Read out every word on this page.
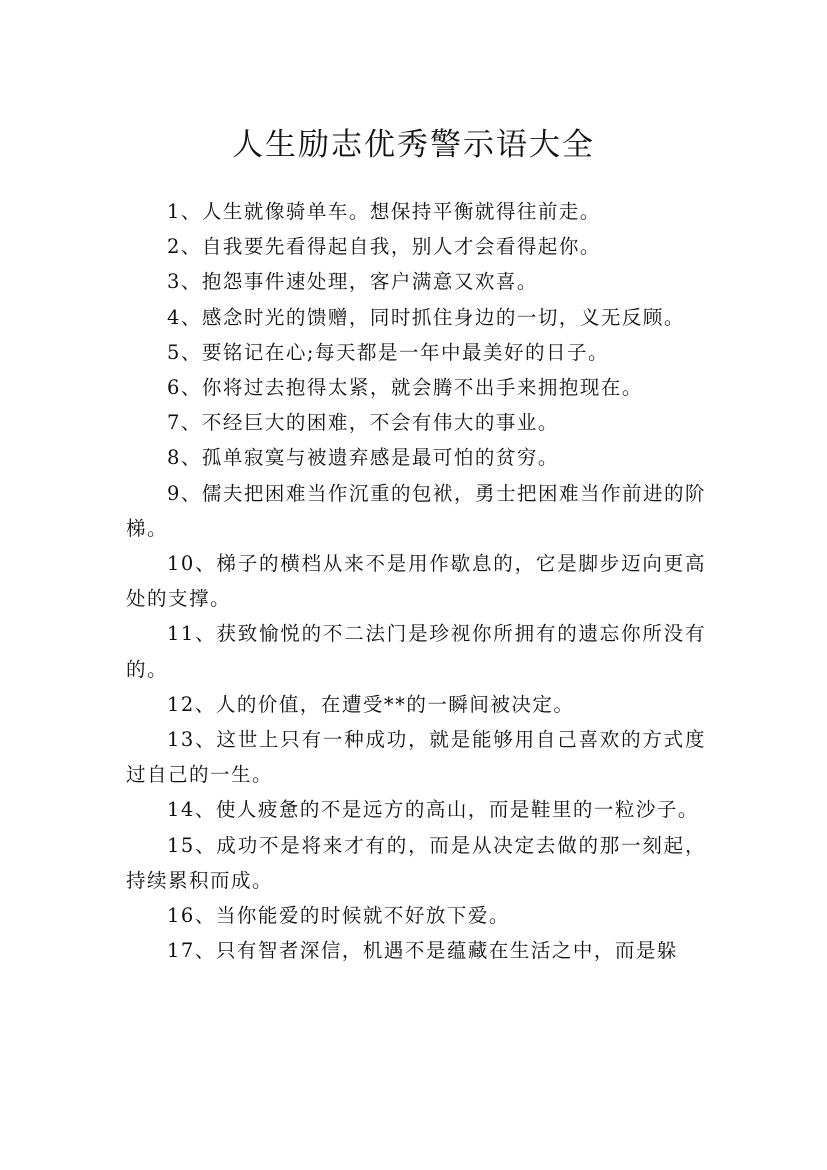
人生励志优秀警示语大全

1、人生就像骑单车。想保持平衡就得往前走。

2、自我要先看得起自我，别人才会看得起你。

3、抱怨事件速处理，客户满意又欢喜。

4、感念时光的馈赠，同时抓住身边的一切，义无反顾。

5、要铭记在心;每天都是一年中最美好的日子。

6、你将过去抱得太紧，就会腾不出手来拥抱现在。

7、不经巨大的困难，不会有伟大的事业。

8、孤单寂寞与被遗弃感是最可怕的贫穷。

9、儒夫把困难当作沉重的包袱，勇士把困难当作前进的阶梯。

10、梯子的横档从来不是用作歇息的，它是脚步迈向更高处的支撑。

11、获致愉悦的不二法门是珍视你所拥有的遗忘你所没有的。

12、人的价值，在遭受**的一瞬间被决定。

13、这世上只有一种成功，就是能够用自己喜欢的方式度过自己的一生。

14、使人疲惫的不是远方的高山，而是鞋里的一粒沙子。

15、成功不是将来才有的，而是从决定去做的那一刻起，持续累积而成。

16、当你能爱的时候就不好放下爱。

17、只有智者深信，机遇不是蕴藏在生活之中，而是躲
